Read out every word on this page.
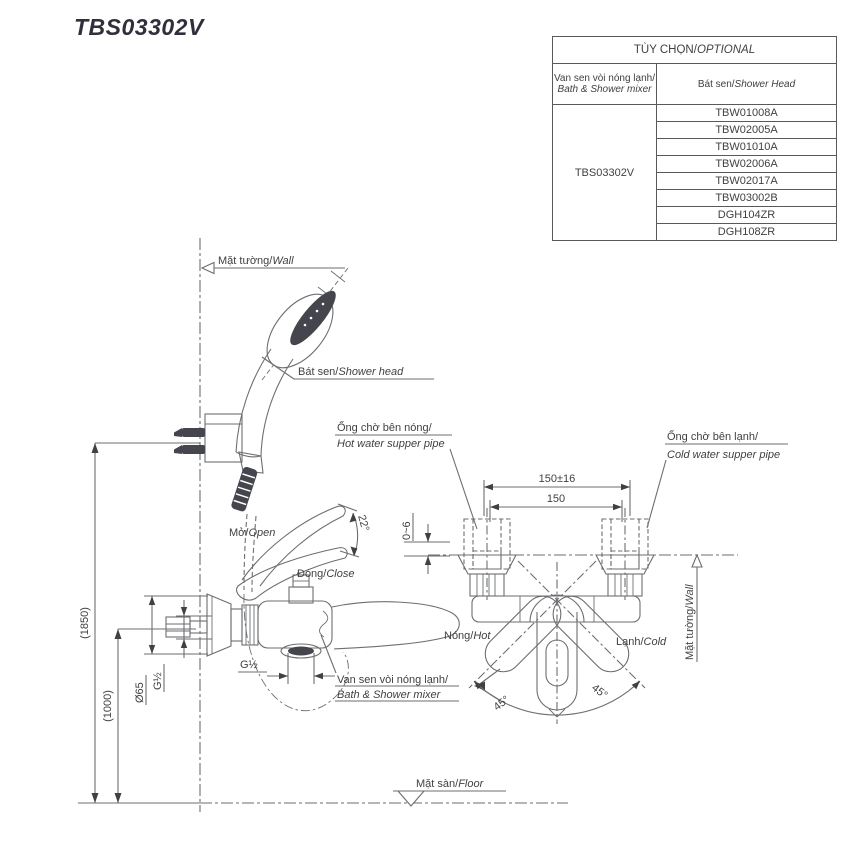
TBS03302V
TÙY CHỌN/OPTIONAL
Van sen vòi nóng lạnh/
Bath & Shower mixer
TBS03302V
Bát sen/Shower Head
TBW01008A
TBW02005A
TBW01010A
TBW02006A
TBW02017A
TBW03002B
DGH104ZR
DGH108ZR
Mặt tường/Wall
(1850)
(1000)
Mặt sàn/Floor
Bát sen/Shower head
Mở/Open
Đóng/Close
22°
Ø65
G½
G½
Van sen vòi nóng lạnh/
Bath & Shower mixer
150±16
150
0~6
45°
45°
Nóng/Hot	Lạnh/Cold Mặt tường/Wall
Ống chờ bên nóng/
Hot water supper pipe
Ống chờ bên lạnh/
Cold water supper pipe
